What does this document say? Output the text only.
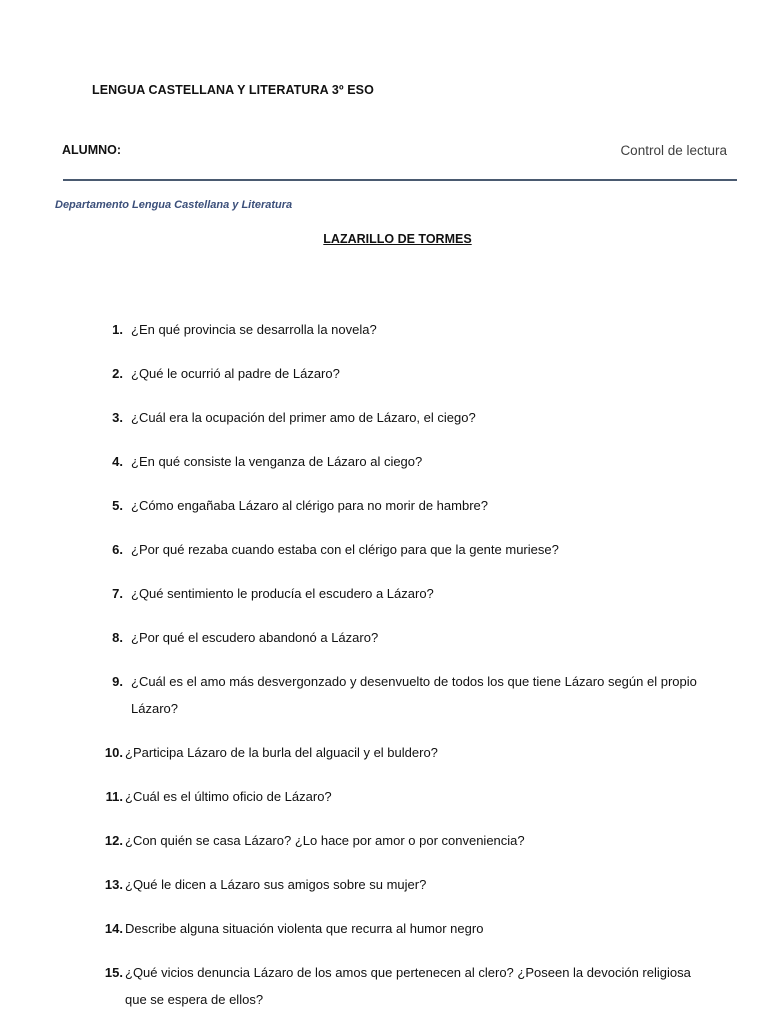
LENGUA CASTELLANA Y LITERATURA 3º ESO
ALUMNO:	Control de lectura
Departamento Lengua Castellana y Literatura
LAZARILLO DE TORMES
1. ¿En qué provincia se desarrolla la novela?
2. ¿Qué le ocurrió al padre de Lázaro?
3. ¿Cuál era la ocupación del primer amo de Lázaro, el ciego?
4. ¿En qué consiste la venganza de Lázaro al ciego?
5. ¿Cómo engañaba Lázaro al clérigo para no morir de hambre?
6. ¿Por qué rezaba cuando estaba con el clérigo para que la gente muriese?
7. ¿Qué sentimiento le producía el escudero a Lázaro?
8. ¿Por qué el escudero abandonó a Lázaro?
9. ¿Cuál es el amo más desvergonzado y desenvuelto de todos los que tiene Lázaro según el propio Lázaro?
10. ¿Participa Lázaro de la burla del alguacil y el buldero?
11. ¿Cuál es el último oficio de Lázaro?
12. ¿Con quién se casa Lázaro? ¿Lo hace por amor o por conveniencia?
13. ¿Qué le dicen a Lázaro sus amigos sobre su mujer?
14. Describe alguna situación violenta que recurra al humor negro
15. ¿Qué vicios denuncia Lázaro de los amos que pertenecen al clero? ¿Poseen la devoción religiosa que se espera de ellos?
